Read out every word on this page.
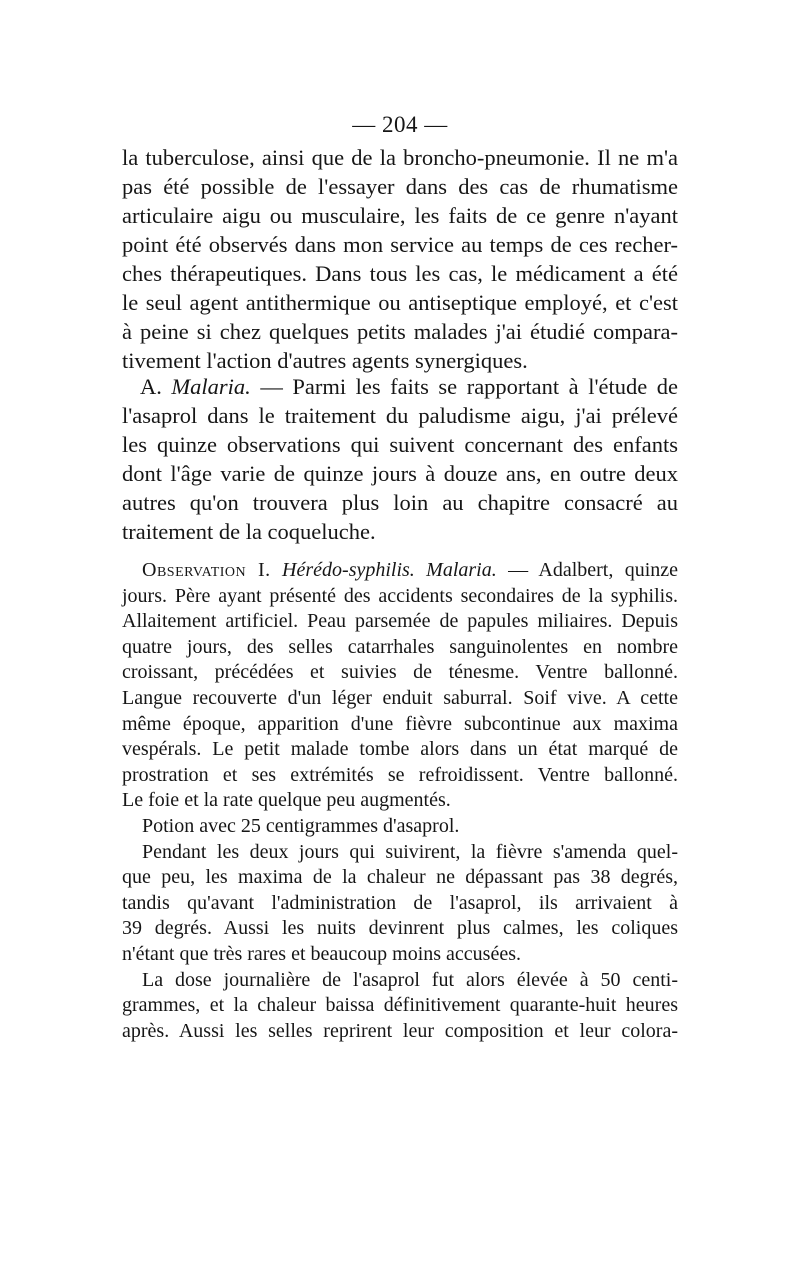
— 204 —
la tuberculose, ainsi que de la broncho-pneumonie. Il ne m'a
pas été possible de l'essayer dans des cas de rhumatisme
articulaire aigu ou musculaire, les faits de ce genre n'ayant
point été observés dans mon service au temps de ces recher-
ches thérapeutiques. Dans tous les cas, le médicament a été
le seul agent antithermique ou antiseptique employé, et c'est
à peine si chez quelques petits malades j'ai étudié compara-
tivement l'action d'autres agents synergiques.
A. Malaria. — Parmi les faits se rapportant à l'étude de
l'asaprol dans le traitement du paludisme aigu, j'ai prélevé
les quinze observations qui suivent concernant des enfants
dont l'âge varie de quinze jours à douze ans, en outre deux
autres qu'on trouvera plus loin au chapitre consacré au
traitement de la coqueluche.
Observation I. Hérédo-syphilis. Malaria. — Adalbert, quinze
jours. Père ayant présenté des accidents secondaires de la syphilis.
Allaitement artificiel. Peau parsemée de papules miliaires. Depuis
quatre jours, des selles catarrhales sanguinolentes en nombre
croissant, précédées et suivies de ténesme. Ventre ballonné.
Langue recouverte d'un léger enduit saburral. Soif vive. A cette
même époque, apparition d'une fièvre subcontinue aux maxima
vespérals. Le petit malade tombe alors dans un état marqué de
prostration et ses extrémités se refroidissent. Ventre ballonné.
Le foie et la rate quelque peu augmentés.
Potion avec 25 centigrammes d'asaprol.
Pendant les deux jours qui suivirent, la fièvre s'amenda quel-
que peu, les maxima de la chaleur ne dépassant pas 38 degrés,
tandis qu'avant l'administration de l'asaprol, ils arrivaient à
39 degrés. Aussi les nuits devinrent plus calmes, les coliques
n'étant que très rares et beaucoup moins accusées.
La dose journalière de l'asaprol fut alors élevée à 50 centi-
grammes, et la chaleur baissa définitivement quarante-huit heures
après. Aussi les selles reprirent leur composition et leur colora-
